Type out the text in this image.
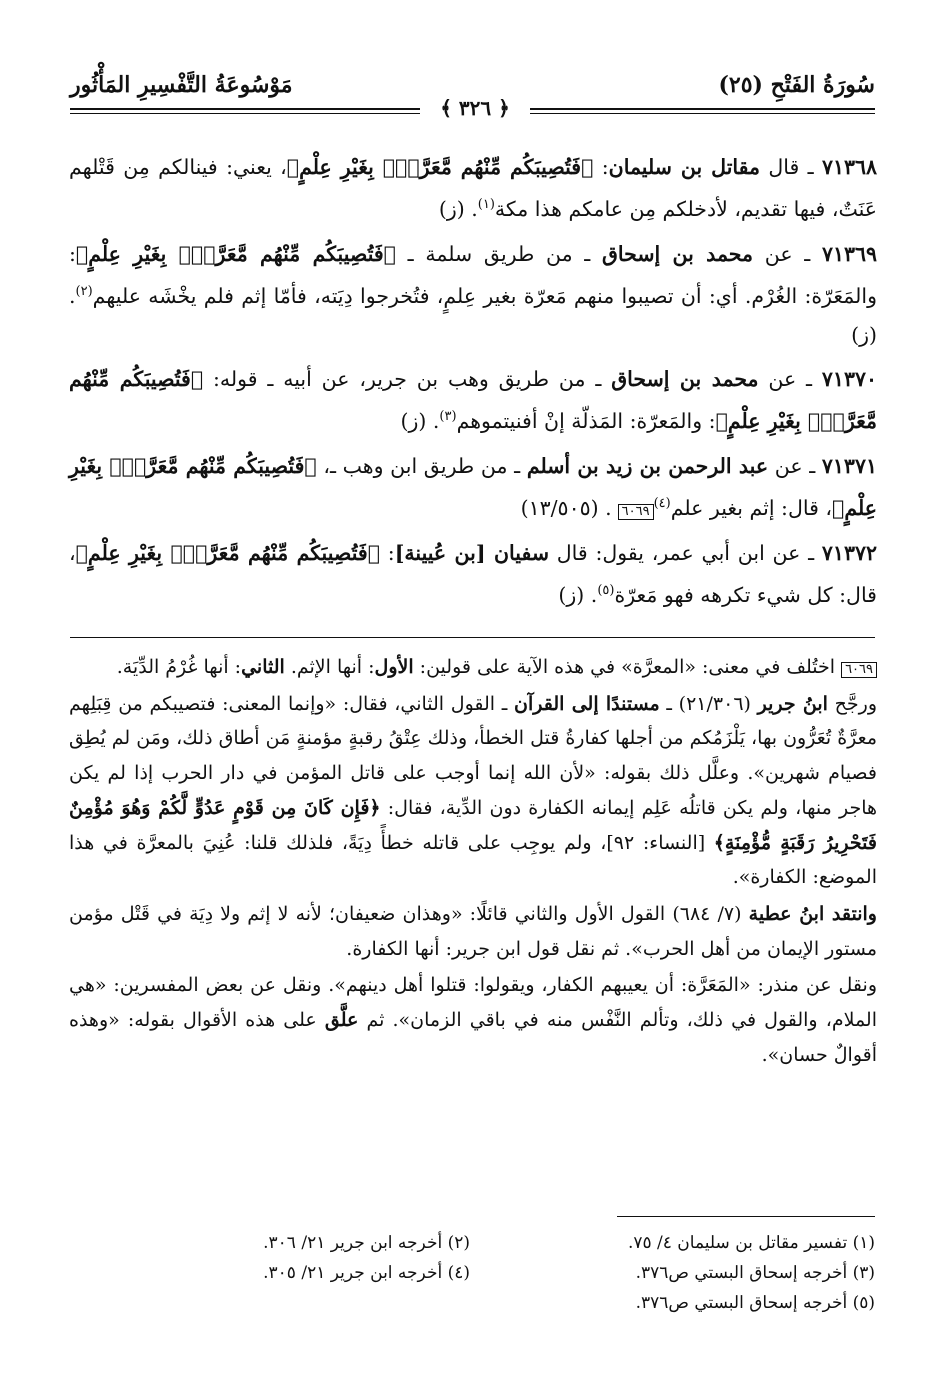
سُورَةُ الفَتْحِ (٢٥)
مَوْسُوعَةُ التَّفْسِيرِ المَأْثُور
﴿ ٣٢٦ ﴾

٧١٣٦٨ ـ قال مقاتل بن سليمان: ﴿فَتُصِيبَكُم مِّنْهُم مَّعَرَّةٌۢ بِغَيْرِ عِلْمٍ﴾، يعني: فينالكم مِن قَتْلهم عَنَتٌ، فيها تقديم، لأدخلكم مِن عامكم هذا مكة$^{(١)}$. (ز)

٧١٣٦٩ ـ عن محمد بن إسحاق ـ من طريق سلمة ـ ﴿فَتُصِيبَكُم مِّنْهُم مَّعَرَّةٌۢ بِغَيْرِ عِلْمٍ﴾: والمَعَرّة: الغُرْم. أي: أن تصيبوا منهم مَعرّة بغير عِلمٍ، فتُخرجوا دِيَته، فأمّا إثم فلم يخْشَه عليهم$^{(٢)}$. (ز)

٧١٣٧٠ ـ عن محمد بن إسحاق ـ من طريق وهب بن جرير، عن أبيه ـ قوله: ﴿فَتُصِيبَكُم مِّنْهُم مَّعَرَّةٌۢ بِغَيْرِ عِلْمٍ﴾: والمَعرّة: المَذلّة إنْ أفنيتموهم$^{(٣)}$. (ز)

٧١٣٧١ ـ عن عبد الرحمن بن زيد بن أسلم ـ من طريق ابن وهب ـ، ﴿فَتُصِيبَكُم مِّنْهُم مَّعَرَّةٌۢ بِغَيْرِ عِلْمٍ﴾، قال: إثم بغير علم$^{(٤)}$٦٠٦٩. (١٣/٥٠٥)

٧١٣٧٢ ـ عن ابن أبي عمر، يقول: قال سفيان [بن عُيينة]: ﴿فَتُصِيبَكُم مِّنْهُم مَّعَرَّةٌۢ بِغَيْرِ عِلْمٍ﴾، قال: كل شيء تكرهه فهو مَعرّة$^{(٥)}$. (ز)

٦٠٦٩اختُلف في معنى: «المعرَّة» في هذه الآية على قولين: الأول: أنها الإثم. الثاني: أنها غُرْمُ الدِّيَة.

ورجَّح ابنُ جرير (٢١/٣٠٦) ـ مستندًا إلى القرآن ـ القول الثاني، فقال: «وإنما المعنى: فتصيبكم من قِبَلِهم معرَّةٌ تُعَرُّون بها، يَلْزَمُكم من أجلها كفارةُ قتل الخطأ، وذلك عِتْقُ رقبةٍ مؤمنةٍ مَن أطاق ذلك، ومَن لم يُطِق فصيام شهرين». وعلَّل ذلك بقوله: «لأن الله إنما أوجب على قاتل المؤمن في دار الحرب إذا لم يكن هاجر منها، ولم يكن قاتلُه عَلِم إيمانه الكفارة دون الدِّية، فقال: ﴿فَإِن كَانَ مِن قَوْمٍ عَدُوٍّ لَّكُمْ وَهُوَ مُؤْمِنٌ فَتَحْرِيرُ رَقَبَةٍ مُّؤْمِنَةٍ﴾ [النساء: ٩٢]، ولم يوجِب على قاتله خطأً دِيَةً، فلذلك قلنا: عُنِيَ بالمعرَّة في هذا الموضع: الكفارة».

وانتقد ابنُ عطية (٧/ ٦٨٤) القول الأول والثاني قائلًا: «وهذان ضعيفان؛ لأنه لا إثم ولا دِيَة في قَتْل مؤمن مستور الإيمان من أهل الحرب». ثم نقل قول ابن جرير: أنها الكفارة.

ونقل عن منذر: «المَعَرَّة: أن يعيبهم الكفار، ويقولوا: قتلوا أهل دينهم». ونقل عن بعض المفسرين: «هي الملام، والقول في ذلك، وتألم النَّفْس منه في باقي الزمان». ثم علَّق على هذه الأقوال بقوله: «وهذه أقوالٌ حسان».

(١) تفسير مقاتل بن سليمان ٤/ ٧٥.
(٢) أخرجه ابن جرير ٢١/ ٣٠٦.
(٣) أخرجه إسحاق البستي ص٣٧٦.
(٤) أخرجه ابن جرير ٢١/ ٣٠٥.
(٥) أخرجه إسحاق البستي ص٣٧٦.
